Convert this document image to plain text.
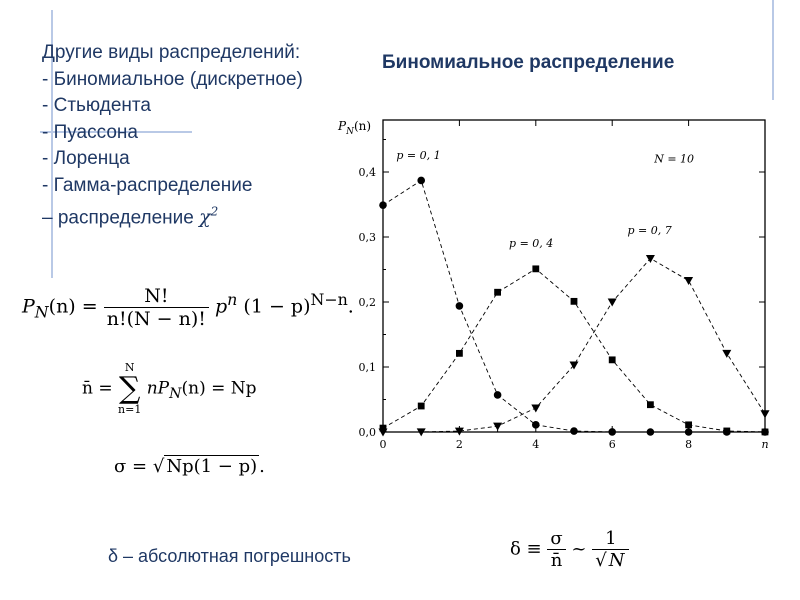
Другие виды распределений:
- Биномиальное (дискретное)
- Стьюдента
- Пуассона
- Лоренца
- Гамма-распределение
– распределение $\chi^2$
Биномиальное распределение
$P_N(n) = \frac{N!}{n!(N - n)!} p^n$ $(1 - p)^{N-n}$.
n̄ = N
∑
n=1 $nP_N(n) = Np$
σ = √ Np(1 − p) .
δ – абсолютная погрешность	$\delta \equiv \frac{\sigma}{n̄}$ ~ $\frac{1}{√ N}$
0	2	4	6	8	n
0,0
0,1
0,2
0,3
0,4
$P_N(n)$
N = 10
p = 0, 1
p = 0, 4
p = 0, 7
